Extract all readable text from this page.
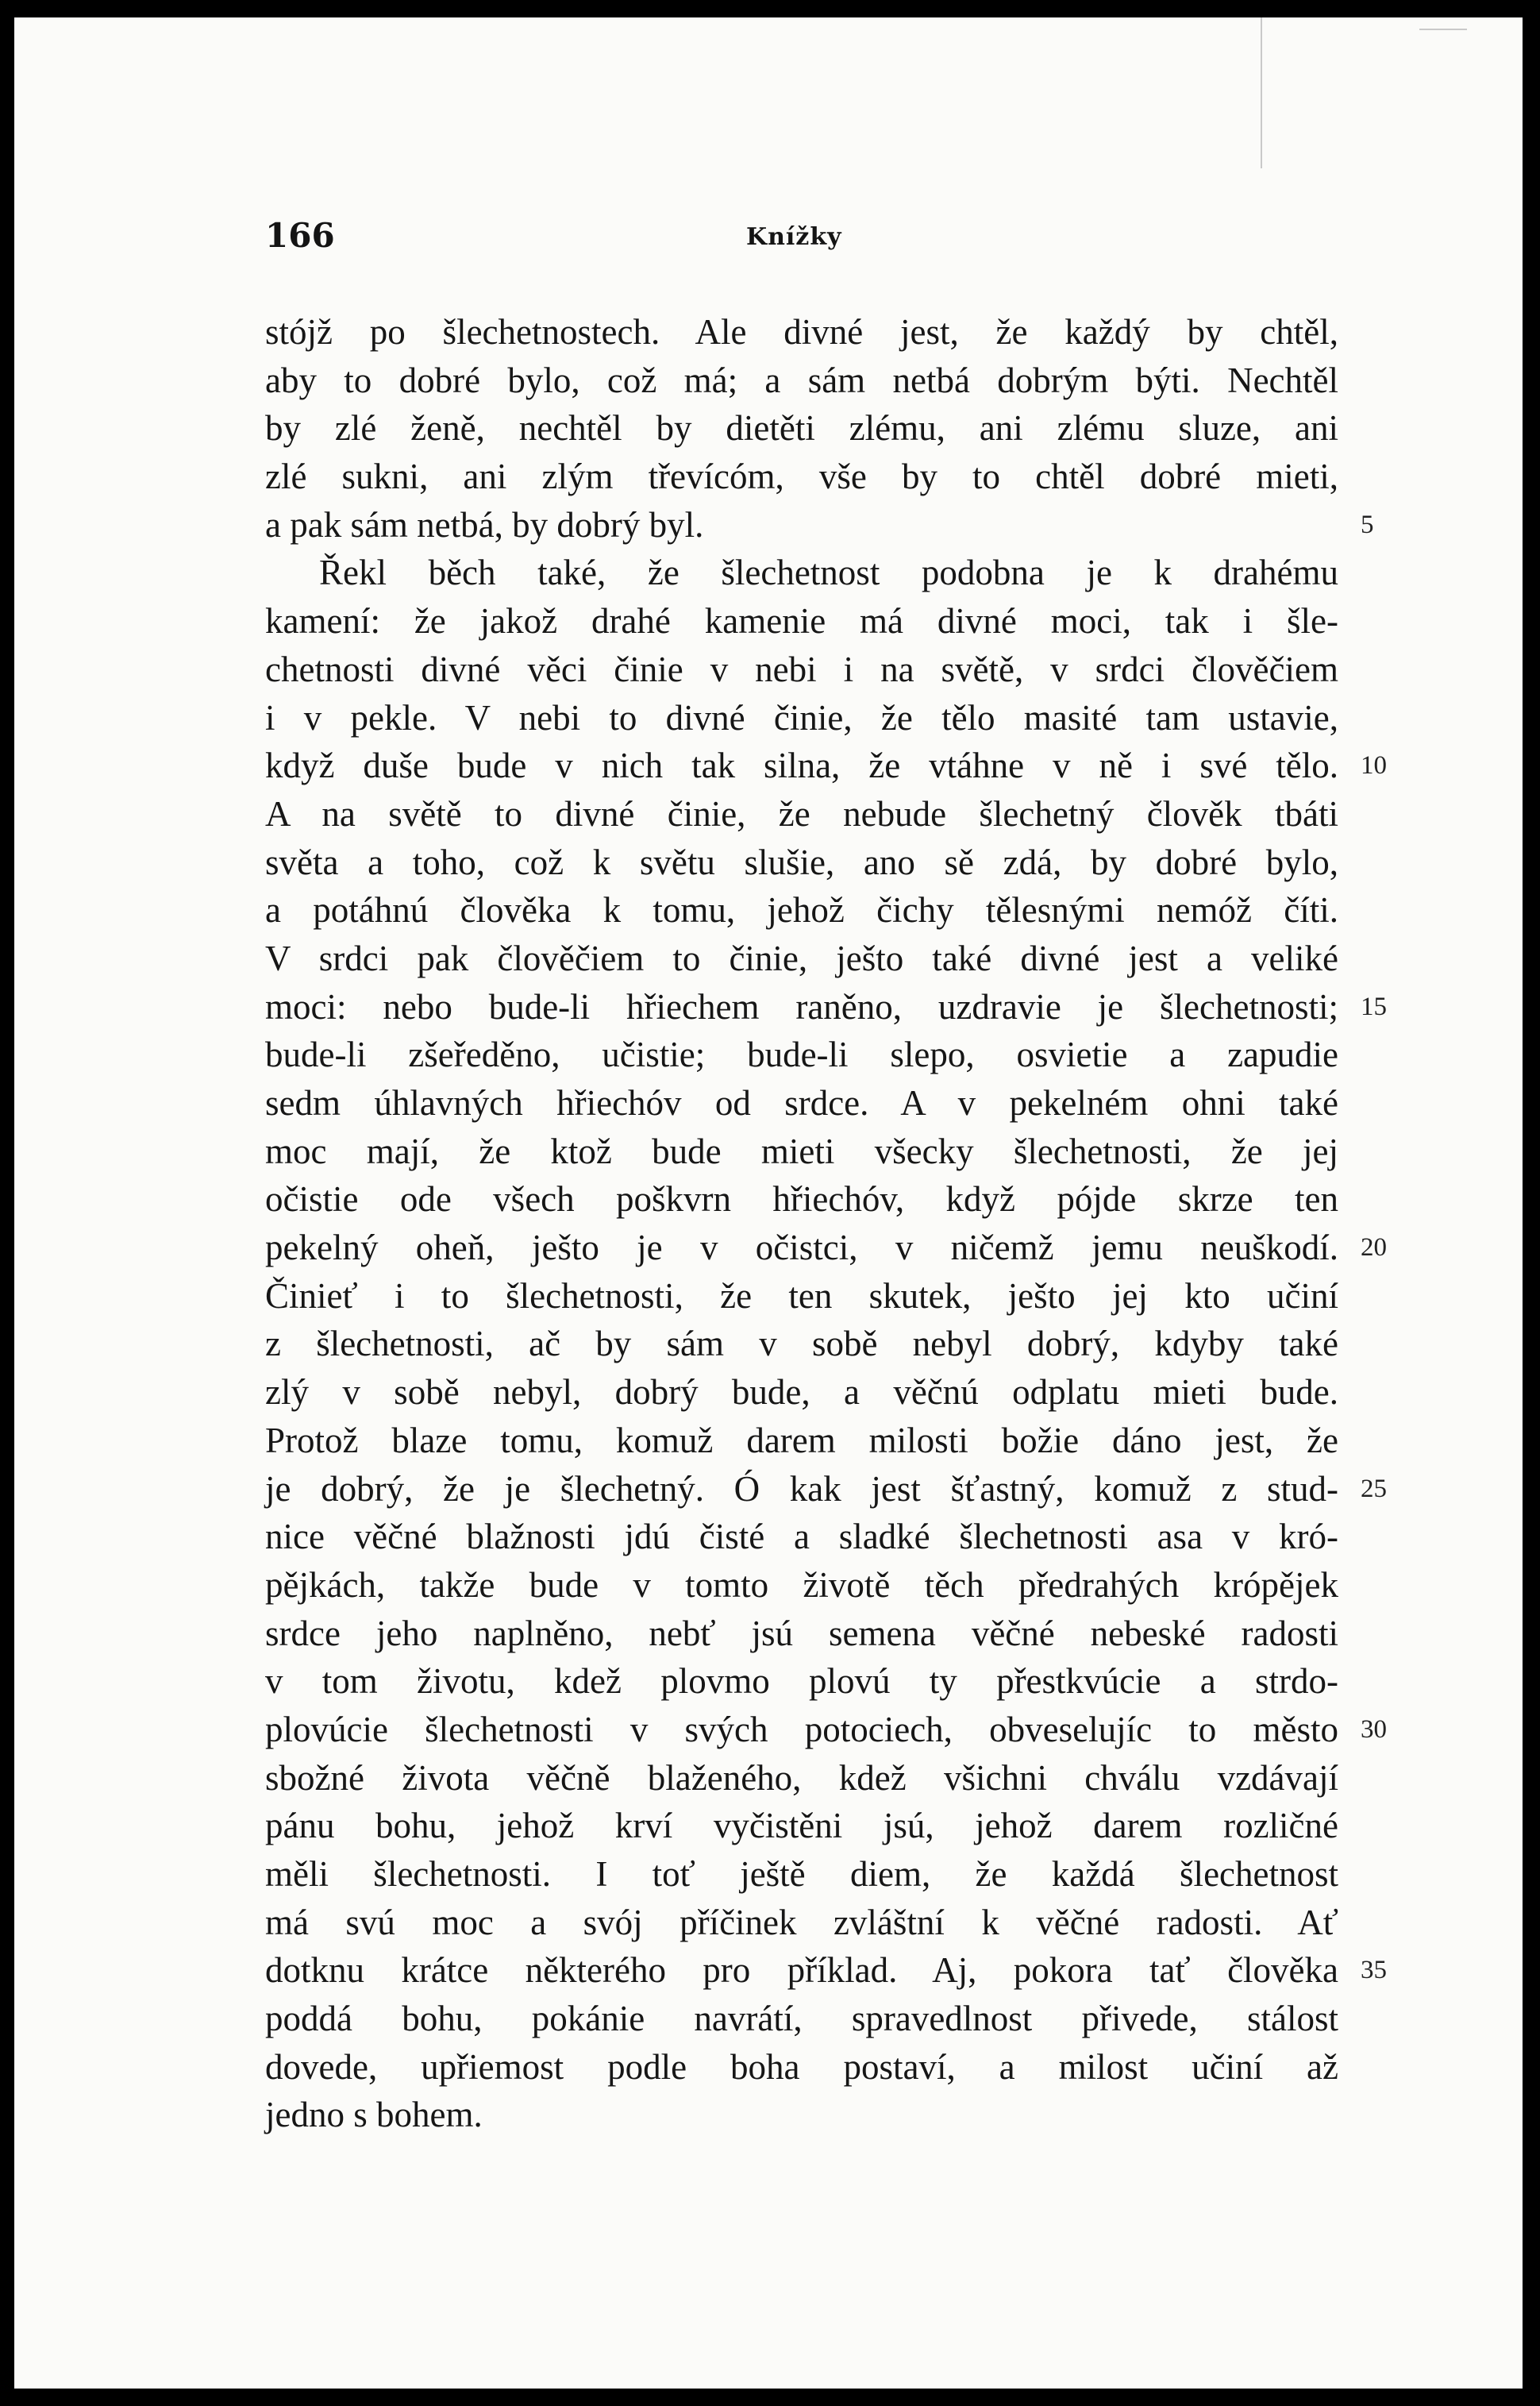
166	Knížky
stójž po šlechetnostech. Ale divné jest, že každý by chtěl,
aby to dobré bylo, což má; a sám netbá dobrým býti. Nechtěl
by zlé ženě, nechtěl by dietěti zlému, ani zlému sluze, ani
zlé sukni, ani zlým třevícóm, vše by to chtěl dobré mieti,
a pak sám netbá, by dobrý byl.	5
Řekl běch také, že šlechetnost podobna je k drahému
kamení: že jakož drahé kamenie má divné moci, tak i šle-
chetnosti divné věci činie v nebi i na světě, v srdci člověčiem
i v pekle. V nebi to divné činie, že tělo masité tam ustavie,
když duše bude v nich tak silna, že vtáhne v ně i své tělo. 10
A na světě to divné činie, že nebude šlechetný člověk tbáti
světa a toho, což k světu slušie, ano sě zdá, by dobré bylo,
a potáhnú člověka k tomu, jehož čichy tělesnými nemóž číti.
V srdci pak člověčiem to činie, ješto také divné jest a veliké
moci: nebo bude-li hřiechem raněno, uzdravie je šlechetnosti; 15
bude-li zšeředěno, učistie; bude-li slepo, osvietie a zapudie
sedm úhlavných hřiechóv od srdce. A v pekelném ohni také
moc mají, že ktož bude mieti všecky šlechetnosti, že jej
očistie ode všech poškvrn hřiechóv, když pójde skrze ten
pekelný oheň, ješto je v očistci, v ničemž jemu neuškodí. 20
Činieť i to šlechetnosti, že ten skutek, ješto jej kto učiní
z šlechetnosti, ač by sám v sobě nebyl dobrý, kdyby také
zlý v sobě nebyl, dobrý bude, a věčnú odplatu mieti bude.
Protož blaze tomu, komuž darem milosti božie dáno jest, že
je dobrý, že je šlechetný. Ó kak jest šťastný, komuž z stud- 25
nice věčné blažnosti jdú čisté a sladké šlechetnosti asa v kró-
pějkách, takže bude v tomto životě těch předrahých krópějek
srdce jeho naplněno, nebť jsú semena věčné nebeské radosti
v tom životu, kdež plovmo plovú ty přestkvúcie a strdo-
plovúcie šlechetnosti v svých potociech, obveselujíc to město 30
sbožné života věčně blaženého, kdež všichni chválu vzdávají
pánu bohu, jehož krví vyčistěni jsú, jehož darem rozličné
měli šlechetnosti. I toť ještě diem, že každá šlechetnost
má svú moc a svój příčinek zvláštní k věčné radosti. Ať
dotknu krátce některého pro příklad. Aj, pokora tať člověka 35
poddá bohu, pokánie navrátí, spravedlnost přivede, stálost
dovede, upřiemost podle boha postaví, a milost učiní až
jedno s bohem.
